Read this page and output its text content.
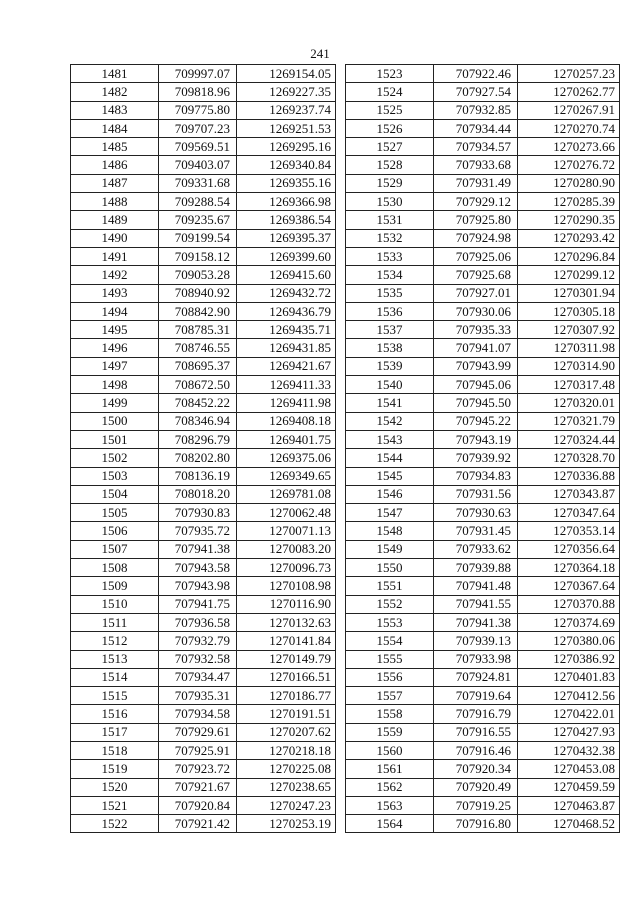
241
1481	709997.07	1269154.05
1482	709818.96	1269227.35
1483	709775.80	1269237.74
1484	709707.23	1269251.53
1485	709569.51	1269295.16
1486	709403.07	1269340.84
1487	709331.68	1269355.16
1488	709288.54	1269366.98
1489	709235.67	1269386.54
1490	709199.54	1269395.37
1491	709158.12	1269399.60
1492	709053.28	1269415.60
1493	708940.92	1269432.72
1494	708842.90	1269436.79
1495	708785.31	1269435.71
1496	708746.55	1269431.85
1497	708695.37	1269421.67
1498	708672.50	1269411.33
1499	708452.22	1269411.98
1500	708346.94	1269408.18
1501	708296.79	1269401.75
1502	708202.80	1269375.06
1503	708136.19	1269349.65
1504	708018.20	1269781.08
1505	707930.83	1270062.48
1506	707935.72	1270071.13
1507	707941.38	1270083.20
1508	707943.58	1270096.73
1509	707943.98	1270108.98
1510	707941.75	1270116.90
1511	707936.58	1270132.63
1512	707932.79	1270141.84
1513	707932.58	1270149.79
1514	707934.47	1270166.51
1515	707935.31	1270186.77
1516	707934.58	1270191.51
1517	707929.61	1270207.62
1518	707925.91	1270218.18
1519	707923.72	1270225.08
1520	707921.67	1270238.65
1521	707920.84	1270247.23
1522	707921.42	1270253.19
1523	707922.46	1270257.23
1524	707927.54	1270262.77
1525	707932.85	1270267.91
1526	707934.44	1270270.74
1527	707934.57	1270273.66
1528	707933.68	1270276.72
1529	707931.49	1270280.90
1530	707929.12	1270285.39
1531	707925.80	1270290.35
1532	707924.98	1270293.42
1533	707925.06	1270296.84
1534	707925.68	1270299.12
1535	707927.01	1270301.94
1536	707930.06	1270305.18
1537	707935.33	1270307.92
1538	707941.07	1270311.98
1539	707943.99	1270314.90
1540	707945.06	1270317.48
1541	707945.50	1270320.01
1542	707945.22	1270321.79
1543	707943.19	1270324.44
1544	707939.92	1270328.70
1545	707934.83	1270336.88
1546	707931.56	1270343.87
1547	707930.63	1270347.64
1548	707931.45	1270353.14
1549	707933.62	1270356.64
1550	707939.88	1270364.18
1551	707941.48	1270367.64
1552	707941.55	1270370.88
1553	707941.38	1270374.69
1554	707939.13	1270380.06
1555	707933.98	1270386.92
1556	707924.81	1270401.83
1557	707919.64	1270412.56
1558	707916.79	1270422.01
1559	707916.55	1270427.93
1560	707916.46	1270432.38
1561	707920.34	1270453.08
1562	707920.49	1270459.59
1563	707919.25	1270463.87
1564	707916.80	1270468.52
